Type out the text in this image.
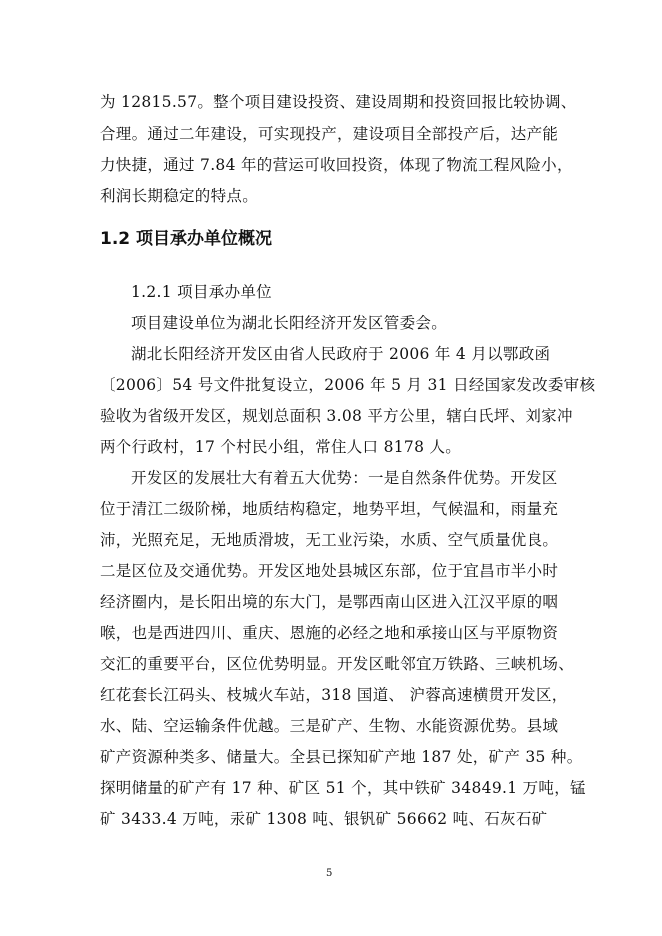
为 12815.57。整个项目建设投资、建设周期和投资回报比较协调、
合理。通过二年建设，可实现投产，建设项目全部投产后，达产能
力快捷，通过 7.84 年的营运可收回投资，体现了物流工程风险小，
利润长期稳定的特点。
1.2 项目承办单位概况
1.2.1 项目承办单位
项目建设单位为湖北长阳经济开发区管委会。
湖北长阳经济开发区由省人民政府于 2006 年 4 月以鄂政函
〔2006〕54 号文件批复设立，2006 年 5 月 31 日经国家发改委审核
验收为省级开发区，规划总面积 3.08 平方公里，辖白氏坪、刘家冲
两个行政村，17 个村民小组，常住人口 8178 人。
开发区的发展壮大有着五大优势：一是自然条件优势。开发区
位于清江二级阶梯，地质结构稳定，地势平坦，气候温和，雨量充
沛，光照充足，无地质滑坡，无工业污染，水质、空气质量优良。
二是区位及交通优势。开发区地处县城区东部，位于宜昌市半小时
经济圈内，是长阳出境的东大门，是鄂西南山区进入江汉平原的咽
喉，也是西进四川、重庆、恩施的必经之地和承接山区与平原物资
交汇的重要平台，区位优势明显。开发区毗邻宜万铁路、三峡机场、
红花套长江码头、枝城火车站，318 国道、 沪蓉高速横贯开发区，
水、陆、空运输条件优越。三是矿产、生物、水能资源优势。县域
矿产资源种类多、储量大。全县已探知矿产地 187 处，矿产 35 种。
探明储量的矿产有 17 种、矿区 51 个，其中铁矿 34849.1 万吨，锰
矿 3433.4 万吨，汞矿 1308 吨、银钒矿 56662 吨、石灰石矿
5
